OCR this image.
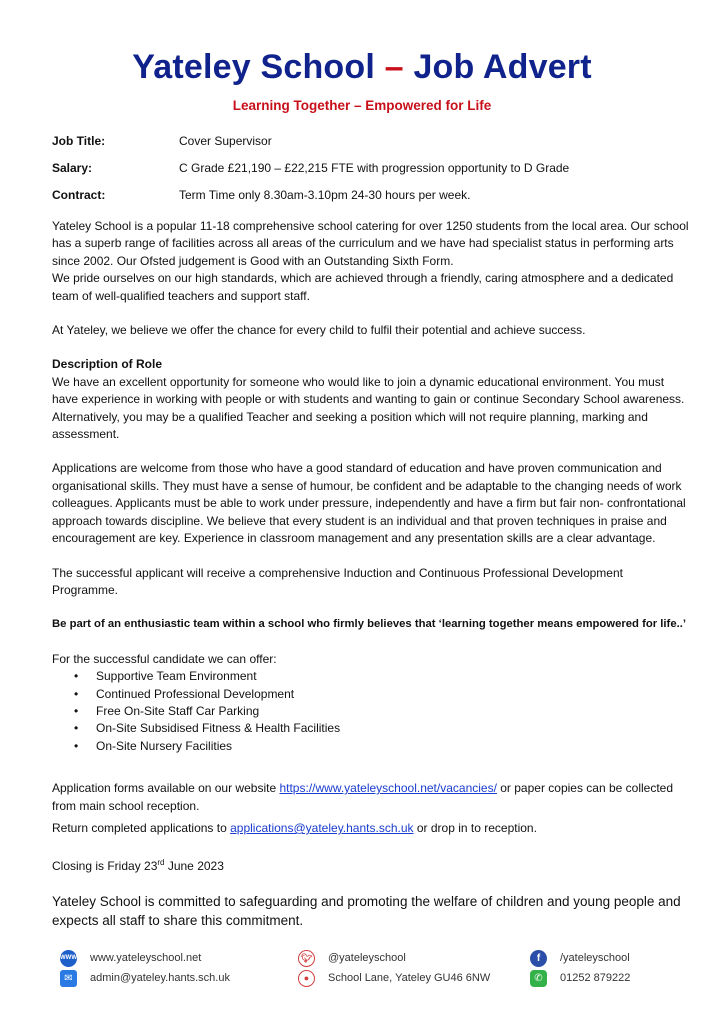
Yateley School – Job Advert
Learning Together – Empowered for Life
Job Title:	Cover Supervisor
Salary:	C Grade £21,190 – £22,215 FTE with progression opportunity to D Grade
Contract:	Term Time only 8.30am-3.10pm 24-30 hours per week.

Yateley School is a popular 11-18 comprehensive school catering for over 1250 students from the local area. Our school has a superb range of facilities across all areas of the curriculum and we have had specialist status in performing arts since 2002. Our Ofsted judgement is Good with an Outstanding Sixth Form.

We pride ourselves on our high standards, which are achieved through a friendly, caring atmosphere and a dedicated team of well-qualified teachers and support staff.

At Yateley, we believe we offer the chance for every child to fulfil their potential and achieve success.

Description of Role

We have an excellent opportunity for someone who would like to join a dynamic educational environment. You must have experience in working with people or with students and wanting to gain or continue Secondary School awareness. Alternatively, you may be a qualified Teacher and seeking a position which will not require planning, marking and assessment.

Applications are welcome from those who have a good standard of education and have proven communication and organisational skills. They must have a sense of humour, be confident and be adaptable to the changing needs of work colleagues. Applicants must be able to work under pressure, independently and have a firm but fair non- confrontational approach towards discipline. We believe that every student is an individual and that proven techniques in praise and encouragement are key. Experience in classroom management and any presentation skills are a clear advantage.

The successful applicant will receive a comprehensive Induction and Continuous Professional Development Programme.

Be part of an enthusiastic team within a school who firmly believes that ‘learning together means empowered for life..’

For the successful candidate we can offer:

• Supportive Team Environment
• Continued Professional Development
• Free On-Site Staff Car Parking
• On-Site Subsidised Fitness & Health Facilities
• On-Site Nursery Facilities

Application forms available on our website https://www.yateleyschool.net/vacancies/ or paper copies can be collected from main school reception.

Return completed applications to applications@yateley.hants.sch.uk or drop in to reception.

Closing is Friday 23rd June 2023

Yateley School is committed to safeguarding and promoting the welfare of children and young people and expects all staff to share this commitment.

WWW www.yateleyschool.net	🐦︎ @yateleyschool	f	/yateleyschool
✉	admin@yateley.hants.sch.uk	●	School Lane, Yateley GU46 6NW	✆	01252 879222
